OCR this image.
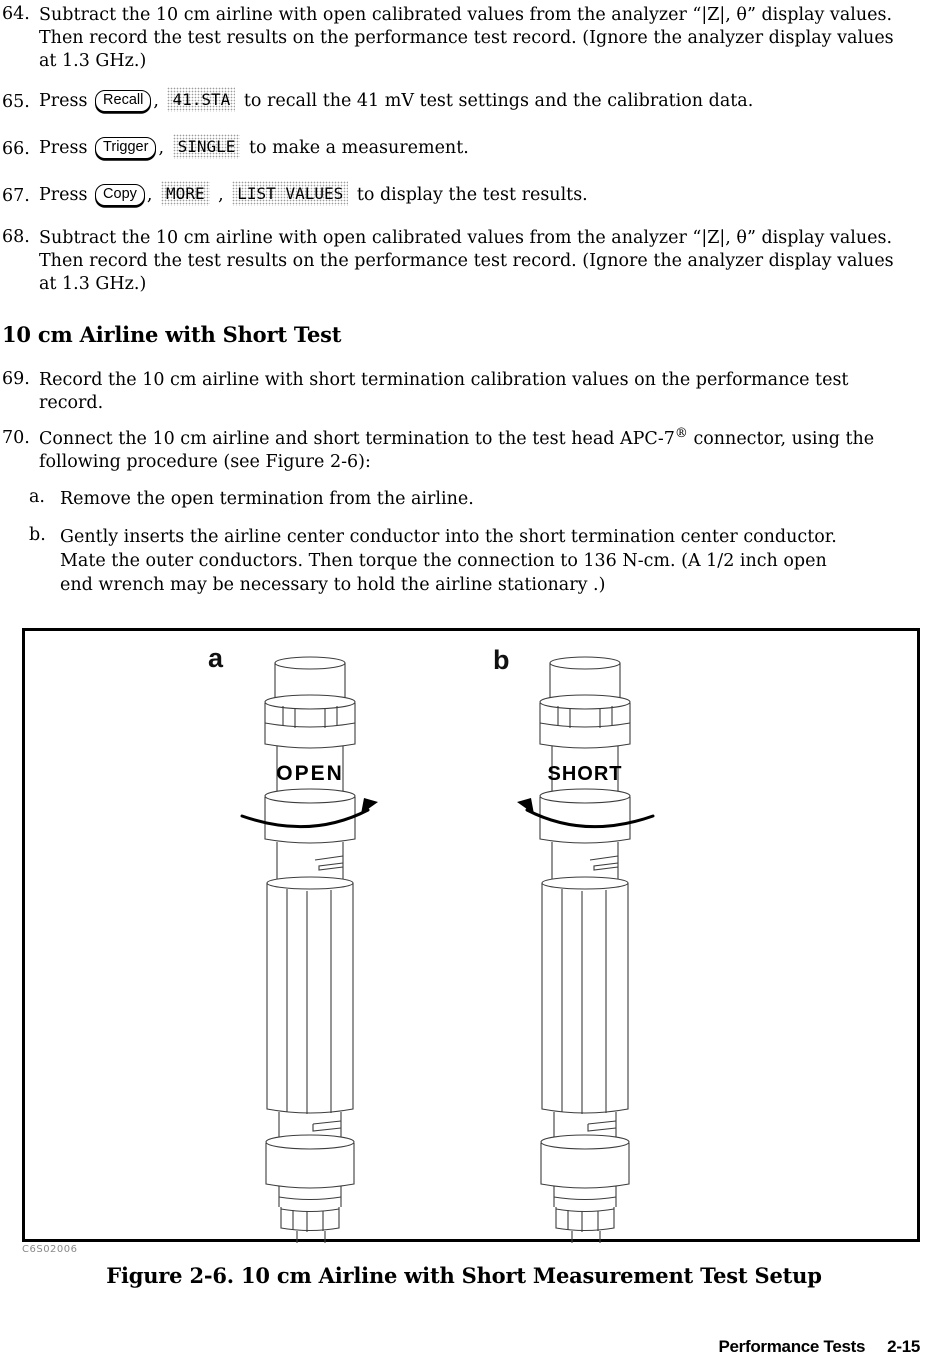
64. Subtract the 10 cm airline with open calibrated values from the analyzer “|Z|, θ” display values. Then record the test results on the performance test record. (Ignore the analyzer display values at 1.3 GHz.)
65. Press Recall , 41.STA to recall the 41 mV test settings and the calibration data.
66. Press Trigger , SINGLE to make a measurement.
67. Press Copy , MORE , LIST VALUES to display the test results.
68. Subtract the 10 cm airline with open calibrated values from the analyzer “|Z|, θ” display values. Then record the test results on the performance test record. (Ignore the analyzer display values at 1.3 GHz.)
10 cm Airline with Short Test
69. Record the 10 cm airline with short termination calibration values on the performance test record.
70. Connect the 10 cm airline and short termination to the test head APC-7® connector, using the following procedure (see Figure 2-6):
a. Remove the open termination from the airline.
b. Gently inserts the airline center conductor into the short termination center conductor. Mate the outer conductors. Then torque the connection to 136 N-cm. (A 1/2 inch open end wrench may be necessary to hold the airline stationary .)
a	b
OPEN	SHORT
C6S02006
Figure 2-6. 10 cm Airline with Short Measurement Test Setup
Performance Tests 2-15
